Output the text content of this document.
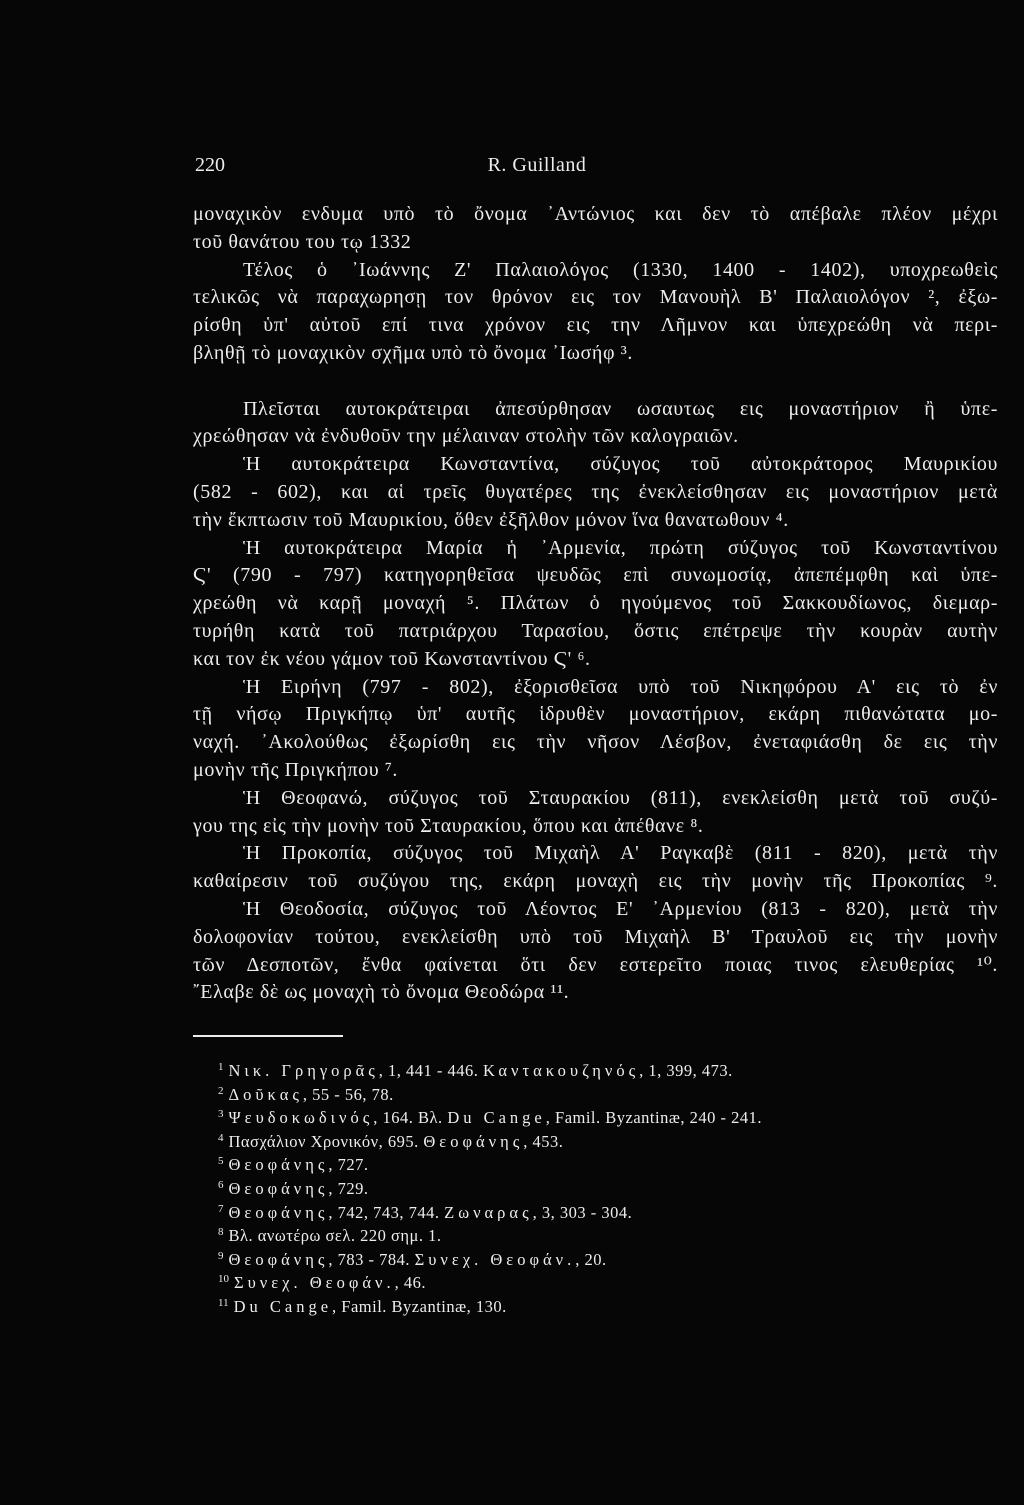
220	R. Guilland
μοναχικὸν ενδυμα υπὸ τὸ ὄνομα ᾿Αντώνιος και δεν τὸ απέβαλε πλέον μέχρι
τοῦ θανάτου του τῳ 1332
Τέλος ὁ ᾿Ιωάννης Ζ' Παλαιολόγος (1330, 1400 - 1402), υποχρεωθεὶς
τελικῶς νὰ παραχωρησῃ τον θρόνον εις τον Μανουὴλ Β' Παλαιολόγον ², ἐξω-
ρίσθη ὑπ' αὐτοῦ επί τινα χρόνον εις την Λῆμνον και ὑπεχρεώθη νὰ περι-
βληθῇ τὸ μοναχικὸν σχῆμα υπὸ τὸ ὄνομα ᾿Ιωσήφ ³.
Πλεῖσται αυτοκράτειραι ἀπεσύρθησαν ωσαυτως εις μοναστήριον ἢ ὑπε-
χρεώθησαν νὰ ἐνδυθοῦν την μέλαιναν στολὴν τῶν καλογραιῶν.
Ἡ αυτοκράτειρα Κωνσταντίνα, σύζυγος τοῦ αὐτοκράτορος Μαυρικίου
(582 - 602), και αἱ τρεῖς θυγατέρες της ἐνεκλείσθησαν εις μοναστήριον μετὰ
τὴν ἔκπτωσιν τοῦ Μαυρικίου, ὅθεν ἐξῆλθον μόνον ἵνα θανατωθουν ⁴.
Ἡ αυτοκράτειρα Μαρία ἡ ᾿Αρμενία, πρώτη σύζυγος τοῦ Κωνσταντίνου
Ϛ' (790 - 797) κατηγορηθεῖσα ψευδῶς επὶ συνωμοσίᾳ, ἀπεπέμφθη καὶ ὑπε-
χρεώθη νὰ καρῇ μοναχή ⁵. Πλάτων ὁ ηγούμενος τοῦ Σακκουδίωνος, διεμαρ-
τυρήθη κατὰ τοῦ πατριάρχου Ταρασίου, ὅστις επέτρεψε τὴν κουρὰν αυτὴν
και τον ἐκ νέου γάμον τοῦ Κωνσταντίνου Ϛ' ⁶.
Ἡ Ειρήνη (797 - 802), ἐξορισθεῖσα υπὸ τοῦ Νικηφόρου Α' εις τὸ ἐν
τῇ νήσῳ Πριγκήπῳ ὑπ' αυτῆς ἱδρυθὲν μοναστήριον, εκάρη πιθανώτατα μο-
ναχή. ᾿Ακολούθως ἐξωρίσθη εις τὴν νῆσον Λέσβον, ἐνεταφιάσθη δε εις τὴν
μονὴν τῆς Πριγκήπου ⁷.
Ἡ Θεοφανώ, σύζυγος τοῦ Σταυρακίου (811), ενεκλείσθη μετὰ τοῦ συζύ-
γου της εἰς τὴν μονὴν τοῦ Σταυρακίου, ὅπου και ἀπέθανε ⁸.
Ἡ Προκοπία, σύζυγος τοῦ Μιχαὴλ Α' Ραγκαβὲ (811 - 820), μετὰ τὴν
καθαίρεσιν τοῦ συζύγου της, εκάρη μοναχὴ εις τὴν μονὴν τῆς Προκοπίας ⁹.
Ἡ Θεοδοσία, σύζυγος τοῦ Λέοντος Ε' ᾿Αρμενίου (813 - 820), μετὰ τὴν
δολοφονίαν τούτου, ενεκλείσθη υπὸ τοῦ Μιχαὴλ Β' Τραυλοῦ εις τὴν μονὴν
τῶν Δεσποτῶν, ἔνθα φαίνεται ὅτι δεν εστερεῖτο ποιας τινος ελευθερίας ¹⁰.
῎Ελαβε δὲ ως μοναχὴ τὸ ὄνομα Θεοδώρα ¹¹.
$^1$ Νικ. Γρηγορᾶς, 1, 441 - 446. Καντακουζηνός, 1, 399, 473.
$^2$ Δοῦκας, 55 - 56, 78.
$^3$ Ψευδοκωδινός, 164. Βλ. Du Cange, Famil. Byzantinæ, 240 - 241.
$^4$ Πασχάλιον Χρονικόν, 695. Θεοφάνης, 453.
$^5$ Θεοφάνης, 727.
$^6$ Θεοφάνης, 729.
$^7$ Θεοφάνης, 742, 743, 744. Ζωναρας, 3, 303 - 304.
$^8$ Βλ. ανωτέρω σελ. 220 σημ. 1.
$^9$ Θεοφάνης, 783 - 784. Συνεχ. Θεοφάν., 20.
$^{10}$ Συνεχ. Θεοφάν., 46.
$^{11}$ Du Cange, Famil. Byzantinæ, 130.
